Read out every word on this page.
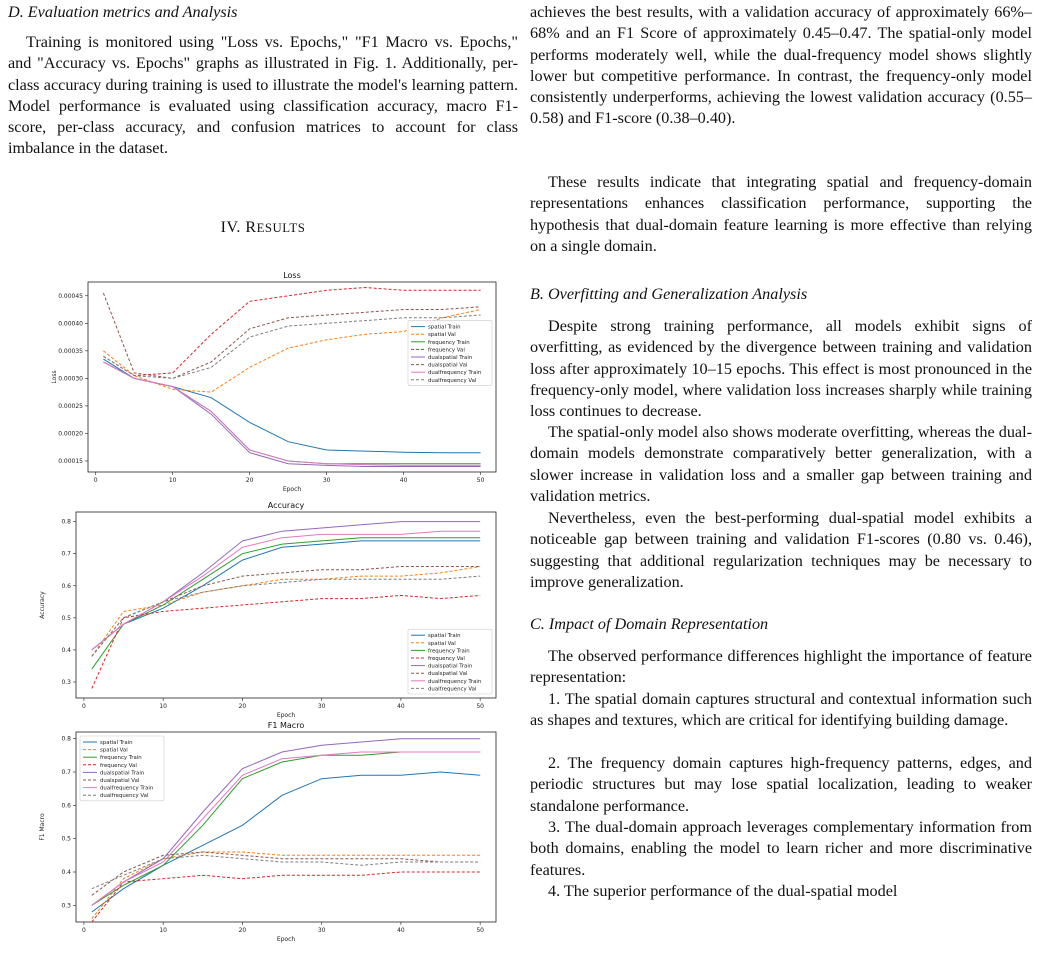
D. Evaluation metrics and Analysis

Training is monitored using "Loss vs. Epochs," "F1 Macro vs. Epochs," and "Accuracy vs. Epochs" graphs as illustrated in Fig. 1. Additionally, per-class accuracy during training is used to illustrate the model's learning pattern. Model performance is evaluated using classification accuracy, macro F1-score, per-class accuracy, and confusion matrices to account for class imbalance in the dataset.

IV. RESULTS
Loss
0	10	20	30	40	50
0.00015
0.00020
0.00025
0.00030
0.00035
0.00040
0.00045
Epoch
Loss
spatial Train
spatial Val
frequency Train
frequency Val
dualspatial Train
dualspatial Val
dualfrequency Train
dualfrequency Val
Accuracy
0	10	20	30	40	50
0.3
0.4
0.5
0.6
0.7
0.8
Epoch
Accuracy
spatial Train
spatial Val
frequency Train
frequency Val
dualspatial Train
dualspatial Val
dualfrequency Train
dualfrequency Val
F1 Macro
0	10	20	30	40	50
0.3
0.4
0.5
0.6
0.7
0.8
Epoch
F1 Macro
spatial Train
spatial Val
frequency Train
frequency Val
dualspatial Train
dualspatial Val
dualfrequency Train
dualfrequency Val

achieves the best results, with a validation accuracy of approximately 66%–68% and an F1 Score of approximately 0.45–0.47. The spatial-only model performs moderately well, while the dual-frequency model shows slightly lower but competitive performance. In contrast, the frequency-only model consistently underperforms, achieving the lowest validation accuracy (0.55–0.58) and F1-score (0.38–0.40).

These results indicate that integrating spatial and frequency-domain representations enhances classification performance, supporting the hypothesis that dual-domain feature learning is more effective than relying on a single domain.

B. Overfitting and Generalization Analysis

Despite strong training performance, all models exhibit signs of overfitting, as evidenced by the divergence between training and validation loss after approximately 10–15 epochs. This effect is most pronounced in the frequency-only model, where validation loss increases sharply while training loss continues to decrease.

The spatial-only model also shows moderate overfitting, whereas the dual-domain models demonstrate comparatively better generalization, with a slower increase in validation loss and a smaller gap between training and validation metrics.

Nevertheless, even the best-performing dual-spatial model exhibits a noticeable gap between training and validation F1-scores (0.80 vs. 0.46), suggesting that additional regularization techniques may be necessary to improve generalization.

C. Impact of Domain Representation

The observed performance differences highlight the importance of feature representation:

1. The spatial domain captures structural and contextual information such as shapes and textures, which are critical for identifying building damage.

2. The frequency domain captures high-frequency patterns, edges, and periodic structures but may lose spatial localization, leading to weaker standalone performance.

3. The dual-domain approach leverages complementary information from both domains, enabling the model to learn richer and more discriminative features.

4. The superior performance of the dual-spatial model
